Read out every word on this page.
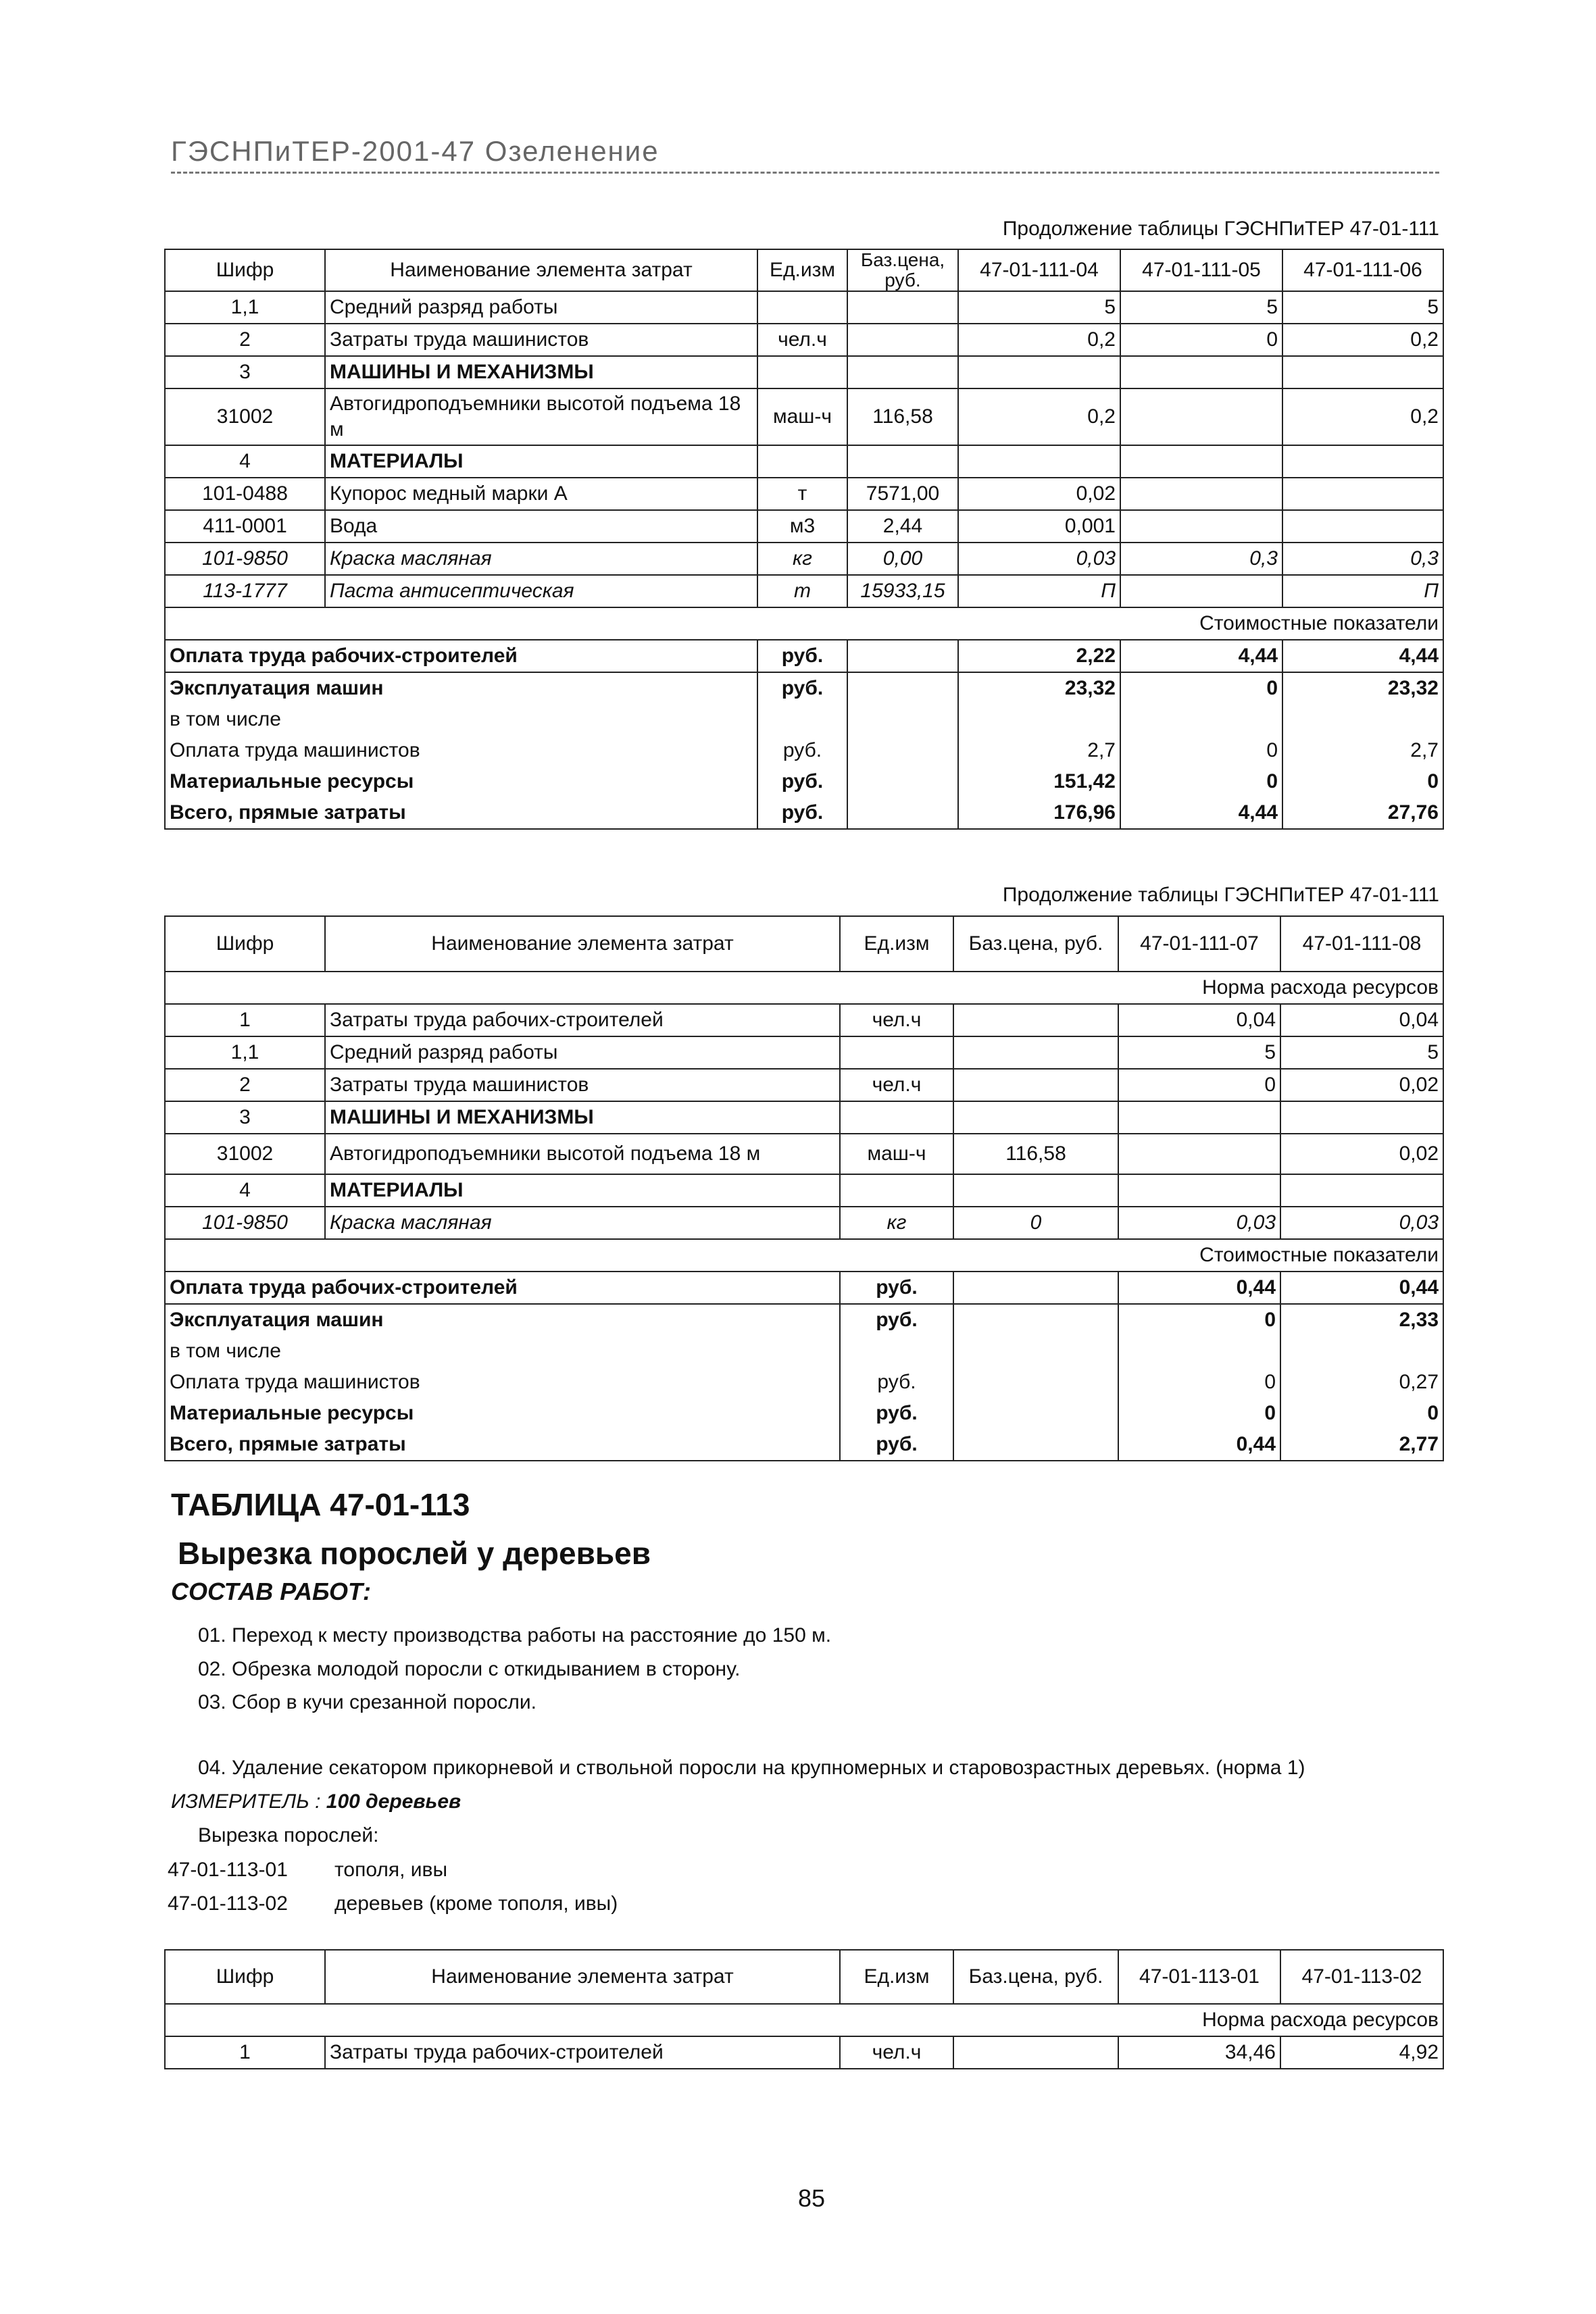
ГЭСНПиТЕР-2001-47 Озеленение
Продолжение таблицы ГЭСНПиТЕР 47-01-111
Шифр	Наименование элемента затрат	Ед.изм	Баз.цена, руб.	47-01-111-04	47-01-111-05	47-01-111-06
1,1	Средний разряд работы			5	5	5
2	Затраты труда машинистов	чел.ч		0,2	0	0,2
3	МАШИНЫ И МЕХАНИЗМЫ					
31002	Автогидроподъемники высотой подъема 18 м	маш-ч	116,58	0,2		0,2
4	МАТЕРИАЛЫ					
101-0488	Купорос медный марки А	т	7571,00	0,02		
411-0001	Вода	м3	2,44	0,001		
101-9850	Краска масляная	кг	0,00	0,03	0,3	0,3
113-1777	Паста антисептическая	т	15933,15	П		П
Стоимостные показатели						
Оплата труда рабочих-строителей		руб.		2,22	4,44	4,44
Эксплуатация машин		руб.		23,32	0	23,32
в том числе						
Оплата труда машинистов		руб.		2,7	0	2,7
Материальные ресурсы		руб.		151,42	0	0
Всего, прямые затраты		руб.		176,96	4,44	27,76
Продолжение таблицы ГЭСНПиТЕР 47-01-111
Шифр	Наименование элемента затрат	Ед.изм	Баз.цена, руб.	47-01-111-07	47-01-111-08
Норма расхода ресурсов					
1	Затраты труда рабочих-строителей	чел.ч		0,04	0,04
1,1	Средний разряд работы			5	5
2	Затраты труда машинистов	чел.ч		0	0,02
3	МАШИНЫ И МЕХАНИЗМЫ				
31002	Автогидроподъемники высотой подъема 18 м	маш-ч	116,58		0,02
4	МАТЕРИАЛЫ				
101-9850	Краска масляная	кг	0	0,03	0,03
Стоимостные показатели					
Оплата труда рабочих-строителей		руб.		0,44	0,44
Эксплуатация машин		руб.		0	2,33
в том числе					
Оплата труда машинистов		руб.		0	0,27
Материальные ресурсы		руб.		0	0
Всего, прямые затраты		руб.		0,44	2,77
ТАБЛИЦА 47-01-113
Вырезка порослей у деревьев
СОСТАВ РАБОТ:
01. Переход к месту производства работы на расстояние до 150 м.
02. Обрезка молодой поросли с откидыванием в сторону.
03. Сбор в кучи срезанной поросли.
04. Удаление секатором прикорневой и ствольной поросли на крупномерных и старовозрастных деревьях. (норма 1)
ИЗМЕРИТЕЛЬ : 100 деревьев
Вырезка порослей:
47-01-113-01 тополя, ивы
47-01-113-02 деревьев (кроме тополя, ивы)
Шифр	Наименование элемента затрат	Ед.изм	Баз.цена, руб.	47-01-113-01	47-01-113-02
Норма расхода ресурсов					
1	Затраты труда рабочих-строителей	чел.ч		34,46	4,92
85
